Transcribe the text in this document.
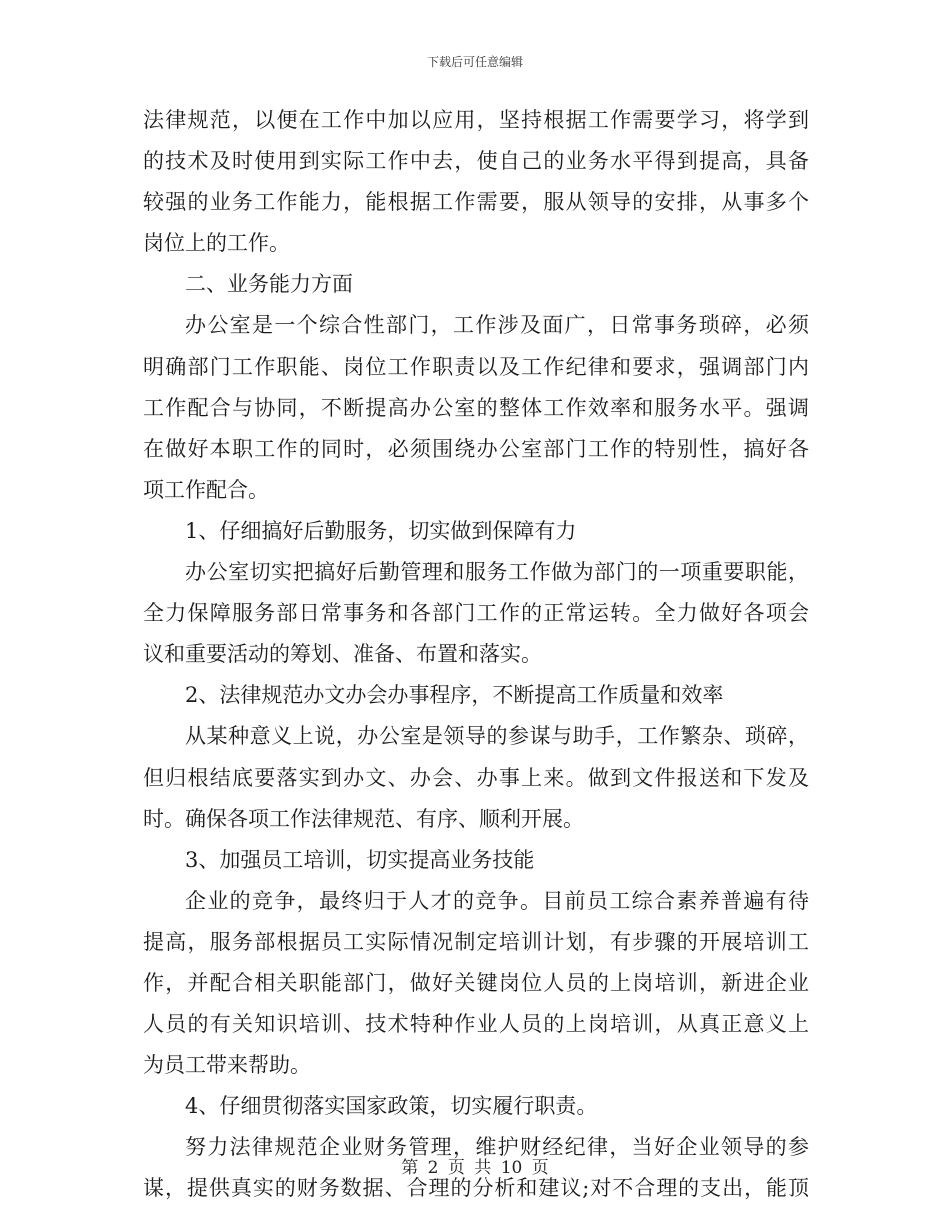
下载后可任意编辑
法律规范，以便在工作中加以应用，坚持根据工作需要学习，将学到
的技术及时使用到实际工作中去，使自己的业务水平得到提高，具备
较强的业务工作能力，能根据工作需要，服从领导的安排，从事多个
岗位上的工作。
二、业务能力方面
办公室是一个综合性部门，工作涉及面广，日常事务琐碎，必须
明确部门工作职能、岗位工作职责以及工作纪律和要求，强调部门内
工作配合与协同，不断提高办公室的整体工作效率和服务水平。强调
在做好本职工作的同时，必须围绕办公室部门工作的特别性，搞好各
项工作配合。
1、仔细搞好后勤服务，切实做到保障有力
办公室切实把搞好后勤管理和服务工作做为部门的一项重要职能，
全力保障服务部日常事务和各部门工作的正常运转。全力做好各项会
议和重要活动的筹划、准备、布置和落实。
2、法律规范办文办会办事程序，不断提高工作质量和效率
从某种意义上说，办公室是领导的参谋与助手，工作繁杂、琐碎，
但归根结底要落实到办文、办会、办事上来。做到文件报送和下发及
时。确保各项工作法律规范、有序、顺利开展。
3、加强员工培训，切实提高业务技能
企业的竞争，最终归于人才的竞争。目前员工综合素养普遍有待
提高，服务部根据员工实际情况制定培训计划，有步骤的开展培训工
作，并配合相关职能部门，做好关键岗位人员的上岗培训，新进企业
人员的有关知识培训、技术特种作业人员的上岗培训，从真正意义上
为员工带来帮助。
4、仔细贯彻落实国家政策，切实履行职责。
努力法律规范企业财务管理，维护财经纪律，当好企业领导的参
谋，提供真实的财务数据、合理的分析和建议;对不合理的支出，能顶
第 2 页 共 10 页
